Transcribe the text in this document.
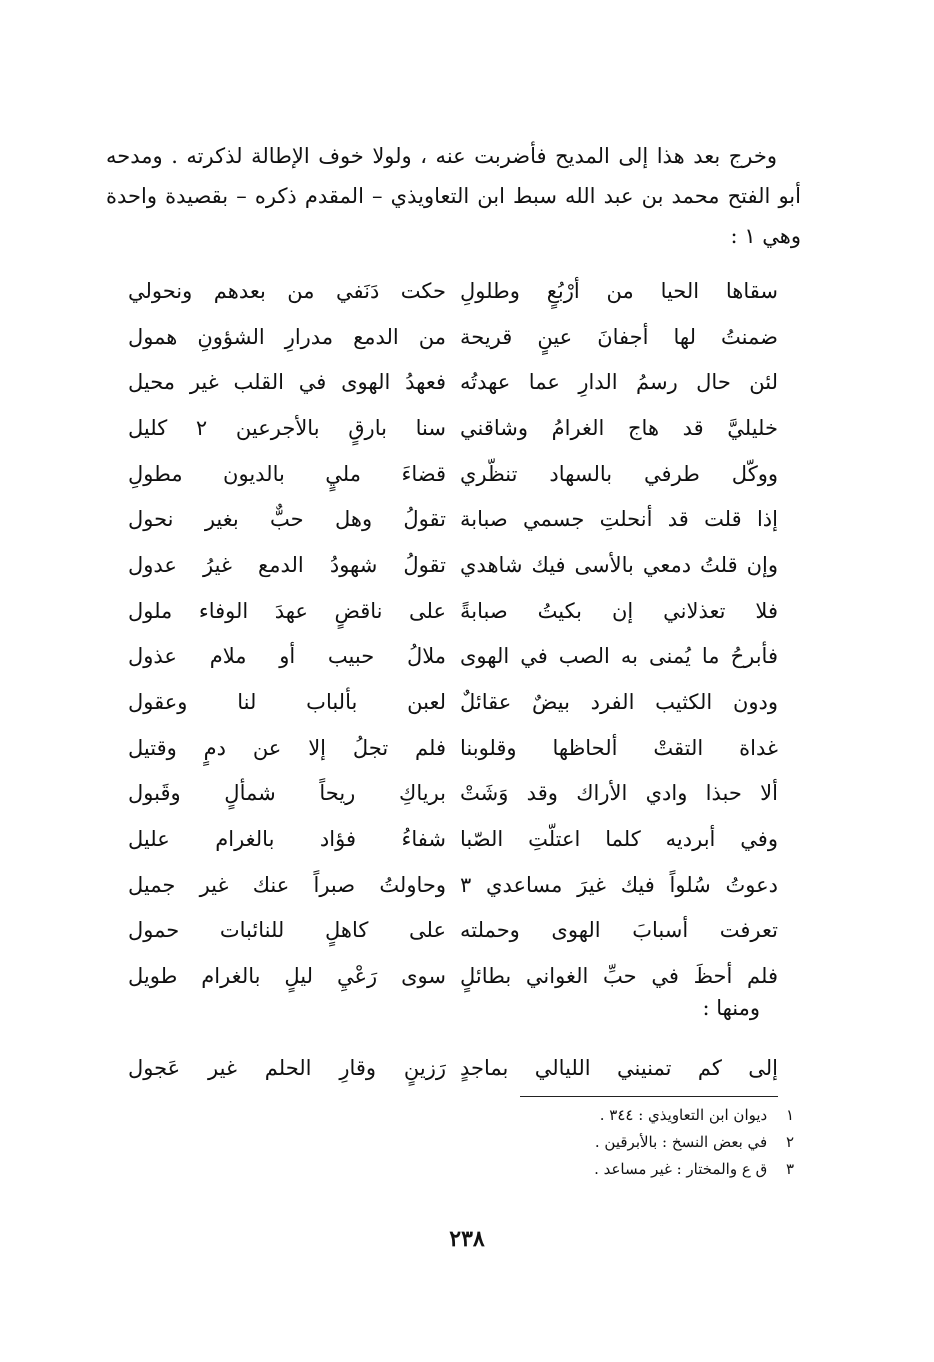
وخرج بعد هذا إلى المديح فأضربت عنه ، ولولا خوف الإطالة لذكرته . ومدحه أبو الفتح محمد بن عبد الله سبط ابن التعاويذي – المقدم ذكره – بقصيدة واحدة وهي ١ :

سقاها الحيا من أرْبُعٍ وطلولِ
حكت دَنَفي من بعدهم ونحولي
ضمنتُ لها أجفانَ عينٍ قريحة
من الدمع مدرارِ الشؤونِ همول
لئن حال رسمُ الدارِ عما عهدتُه
فعهدُ الهوى في القلب غير محيل
خليليَّ قد هاج الغرامُ وشاقني
سنا بارقٍ بالأجرعين ٢ كليل
ووكّل طرفي بالسهاد تنظّري
قضاءَ مليٍ بالديون مطولِ
إذا قلت قد أنحلتِ جسمي صبابة
تقولُ وهل حبٌّ بغير نحول
وإن قلتُ دمعي بالأسى فيك شاهدي
تقولُ شهودُ الدمع غيرُ عدول
فلا تعذلاني إن بكيتُ صبابةً
على ناقضٍ عهدَ الوفاء ملول
فأبرحُ ما يُمنى به الصب في الهوى
ملالُ حبيب أو ملام عذول
ودون الكثيب الفرد بيضٌ عقائلٌ
لعبن بألباب لنا وعقول
غداة التقتْ ألحاظها وقلوبنا
فلم تجلُ إلا عن دمٍ وقتيل
ألا حبذا وادي الأراك وقد وَشَتْ
برياكِ ريحاً شمألٍ وقَبول
وفي أبرديه كلما اعتلّتِ الصّبا
شفاءُ فؤاد بالغرام عليل
دعوتُ سُلواً فيك غيرَ مساعدي ٣
وحاولتُ صبراً عنك غير جميل
تعرفت أسبابَ الهوى وحملته
على كاهلٍ للنائبات حمول
فلم أحظَ في حبِّ الغواني بطائلٍ
سوى رَعْيِ ليلٍ بالغرام طويل
ومنها :
إلى كم تمنيني الليالي بماجدٍ
رَزينٍ وقارِ الحلم غير عَجول
١ ديوان ابن التعاويذي : ٣٤٤ .
٢ في بعض النسخ : بالأبرقين .
٣ ق ع والمختار : غير مساعد .
٢٣٨
